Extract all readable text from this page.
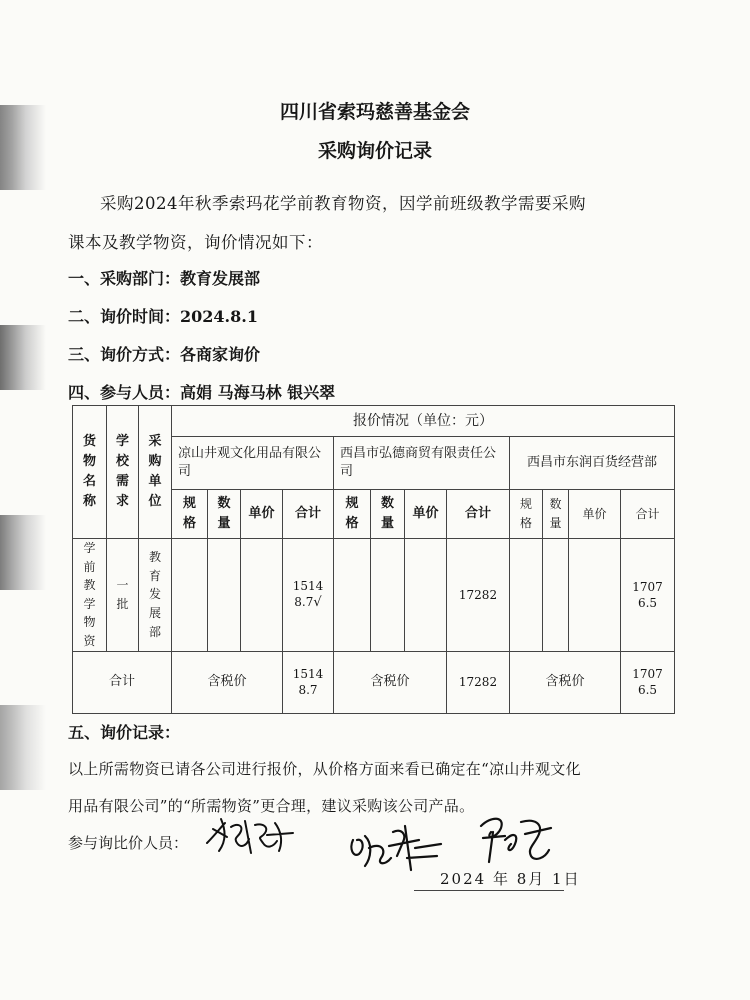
四川省索玛慈善基金会
采购询价记录
采购2024年秋季索玛花学前教育物资，因学前班级教学需要采购
课本及教学物资，询价情况如下：
一、采购部门：教育发展部
二、询价时间：2024.8.1
三、询价方式：各商家询价
四、参与人员：高娟 马海马林 银兴翠
货物名称	学校需求	采购单位	报价情况（单位：元）											
			凉山井观文化用品有限公司				西昌市弘德商贸有限责任公司				西昌市东润百货经营部			

			规格	数量	单价	合计	规格	数量	单价	合计	规格	数量	单价	合计

学前教学物资	一批	教育发展部				15148.7√				17282				17076.5

合计			含税价			15148.7	含税价			17282	含税价			17076.5
五、询价记录：
以上所需物资已请各公司进行报价，从价格方面来看已确定在“凉山井观文化
用品有限公司”的“所需物资”更合理，建议采购该公司产品。
参与询比价人员：
2024 年 8月 1日
